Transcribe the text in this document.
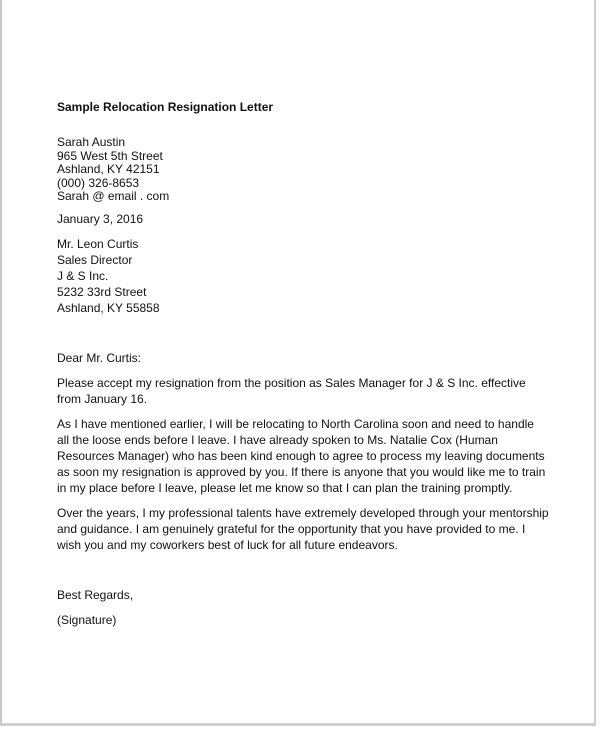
Sample Relocation Resignation Letter
Sarah Austin
965 West 5th Street
Ashland, KY 42151
(000) 326-8653
Sarah @ email . com
January 3, 2016
Mr. Leon Curtis
Sales Director
J & S Inc.
5232 33rd Street
Ashland, KY 55858
Dear Mr. Curtis:

Please accept my resignation from the position as Sales Manager for J & S Inc. effective from January 16.

As I have mentioned earlier, I will be relocating to North Carolina soon and need to handle all the loose ends before I leave. I have already spoken to Ms. Natalie Cox (Human Resources Manager) who has been kind enough to agree to process my leaving documents as soon my resignation is approved by you. If there is anyone that you would like me to train in my place before I leave, please let me know so that I can plan the training promptly.

Over the years, I my professional talents have extremely developed through your mentorship and guidance. I am genuinely grateful for the opportunity that you have provided to me. I wish you and my coworkers best of luck for all future endeavors.

Best Regards,
(Signature)
